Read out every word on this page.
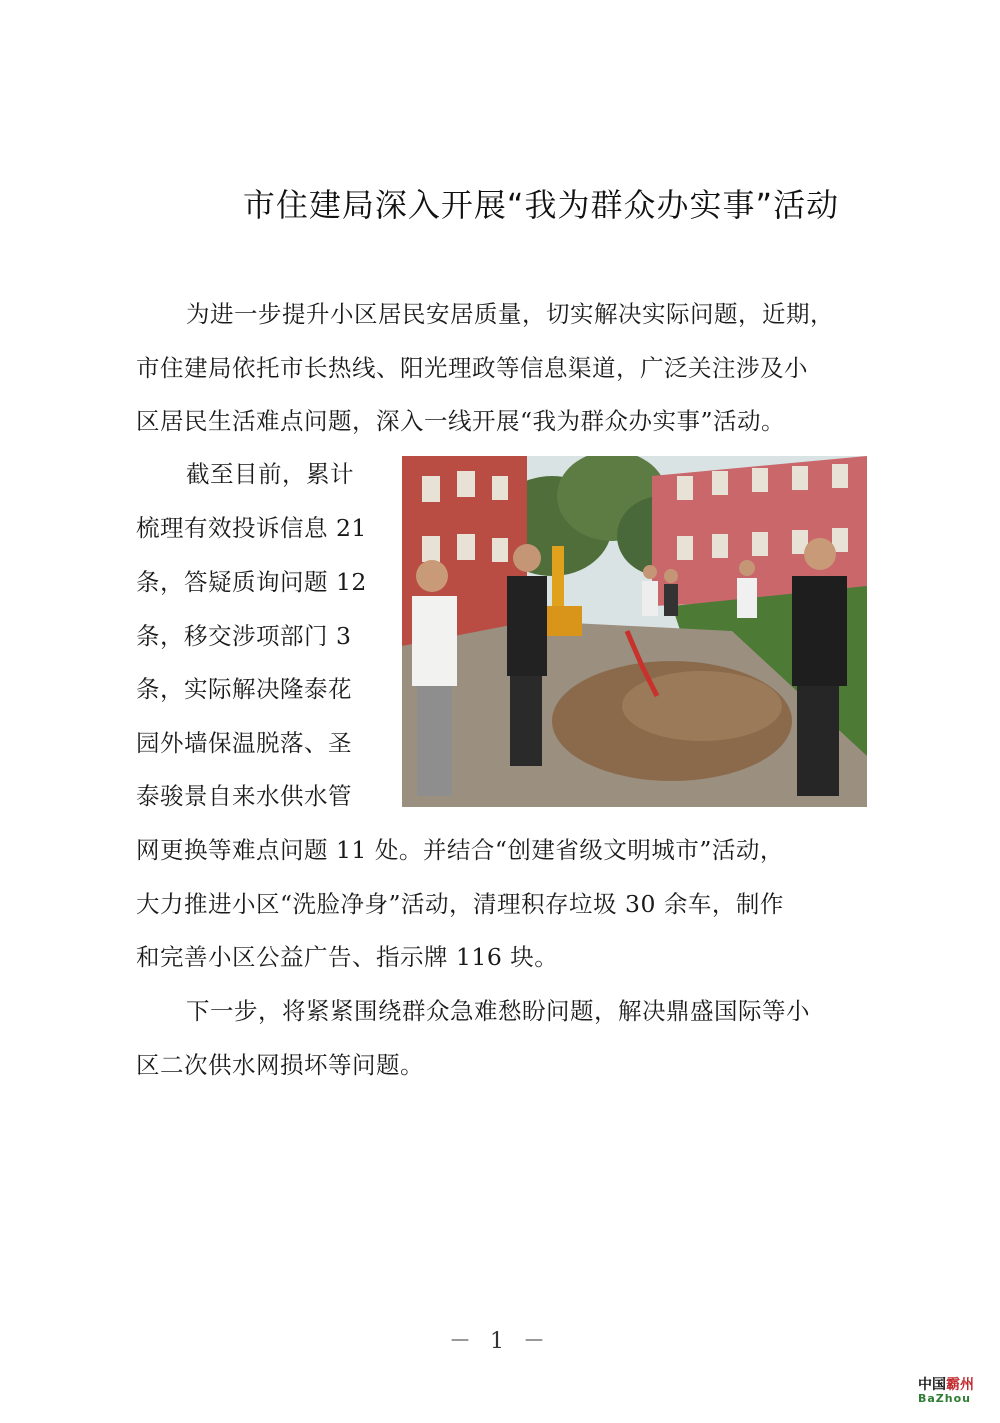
市住建局深入开展“我为群众办实事”活动
为进一步提升小区居民安居质量，切实解决实际问题，近期，
市住建局依托市长热线、阳光理政等信息渠道，广泛关注涉及小
区居民生活难点问题，深入一线开展“我为群众办实事”活动。
截至目前，累计
梳理有效投诉信息 21
条，答疑质询问题 12
条，移交涉项部门 3
条，实际解决隆泰花
园外墙保温脱落、圣
泰骏景自来水供水管
网更换等难点问题 11 处。并结合“创建省级文明城市”活动，
大力推进小区“洗脸净身”活动，清理积存垃圾 30 余车，制作
和完善小区公益广告、指示牌 116 块。
下一步，将紧紧围绕群众急难愁盼问题，解决鼎盛国际等小
区二次供水网损坏等问题。
－ 1 －
中国霸州
BaZhou
